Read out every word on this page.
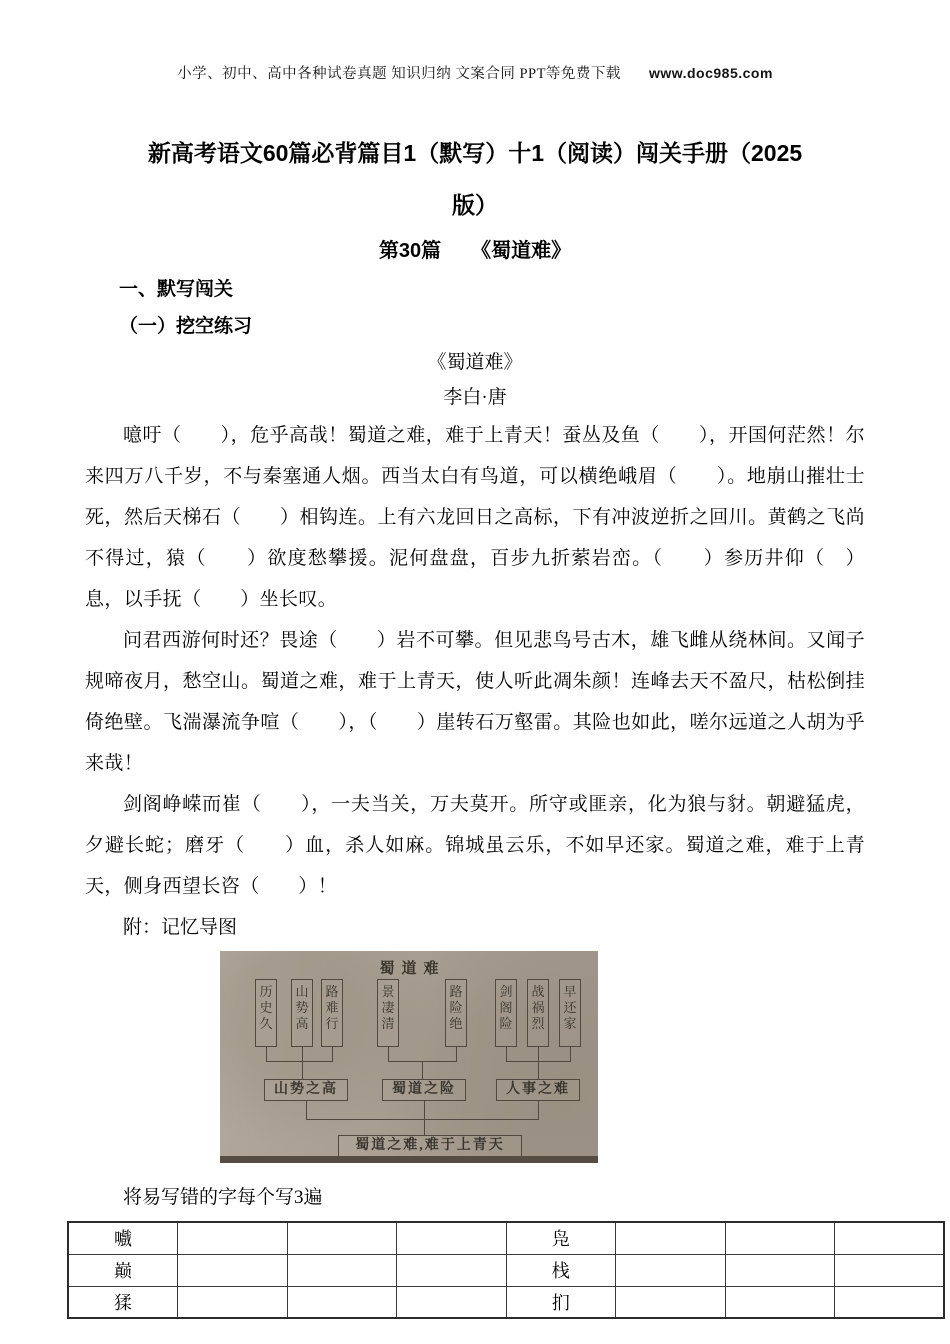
小学、初中、高中各种试卷真题 知识归纳 文案合同 PPT等免费下载 www.doc985.com
新高考语文60篇必背篇目1（默写）十1（阅读）闯关手册（2025
版）
第30篇　　《蜀道难》
一、默写闯关
（一）挖空练习
《蜀道难》
李白·唐

噫吁（　　），危乎高哉！蜀道之难，难于上青天！蚕丛及鱼（　　），开国何茫然！尔来四万八千岁，不与秦塞通人烟。西当太白有鸟道，可以横绝峨眉（　　）。地崩山摧壮士死，然后天梯石（　　）相钩连。上有六龙回日之高标，下有冲波逆折之回川。黄鹤之飞尚不得过，猿（　　）欲度愁攀援。泥何盘盘，百步九折萦岩峦。（　　）参历井仰（　）息，以手抚（　　）坐长叹。

问君西游何时还？畏途（　　）岩不可攀。但见悲鸟号古木，雄飞雌从绕林间。又闻子规啼夜月，愁空山。蜀道之难，难于上青天，使人听此凋朱颜！连峰去天不盈尺，枯松倒挂倚绝壁。飞湍瀑流争喧（　　），（　　）崖转石万壑雷。其险也如此，嗟尔远道之人胡为乎来哉！

剑阁峥嵘而崔（　　），一夫当关，万夫莫开。所守或匪亲，化为狼与豺。朝避猛虎，夕避长蛇；磨牙（　　）血，杀人如麻。锦城虽云乐，不如早还家。蜀道之难，难于上青天，侧身西望长咨（　　）！

附：记忆导图
蜀道难
历史久
山势高
路难行
景凄清
路险绝
剑阁险
战祸烈
早还家
山势之高	蜀道之险	人事之难
蜀道之难,难于上青天
将易写错的字每个写3遍
嚱				凫			
巅				栈			
猱				扪			
